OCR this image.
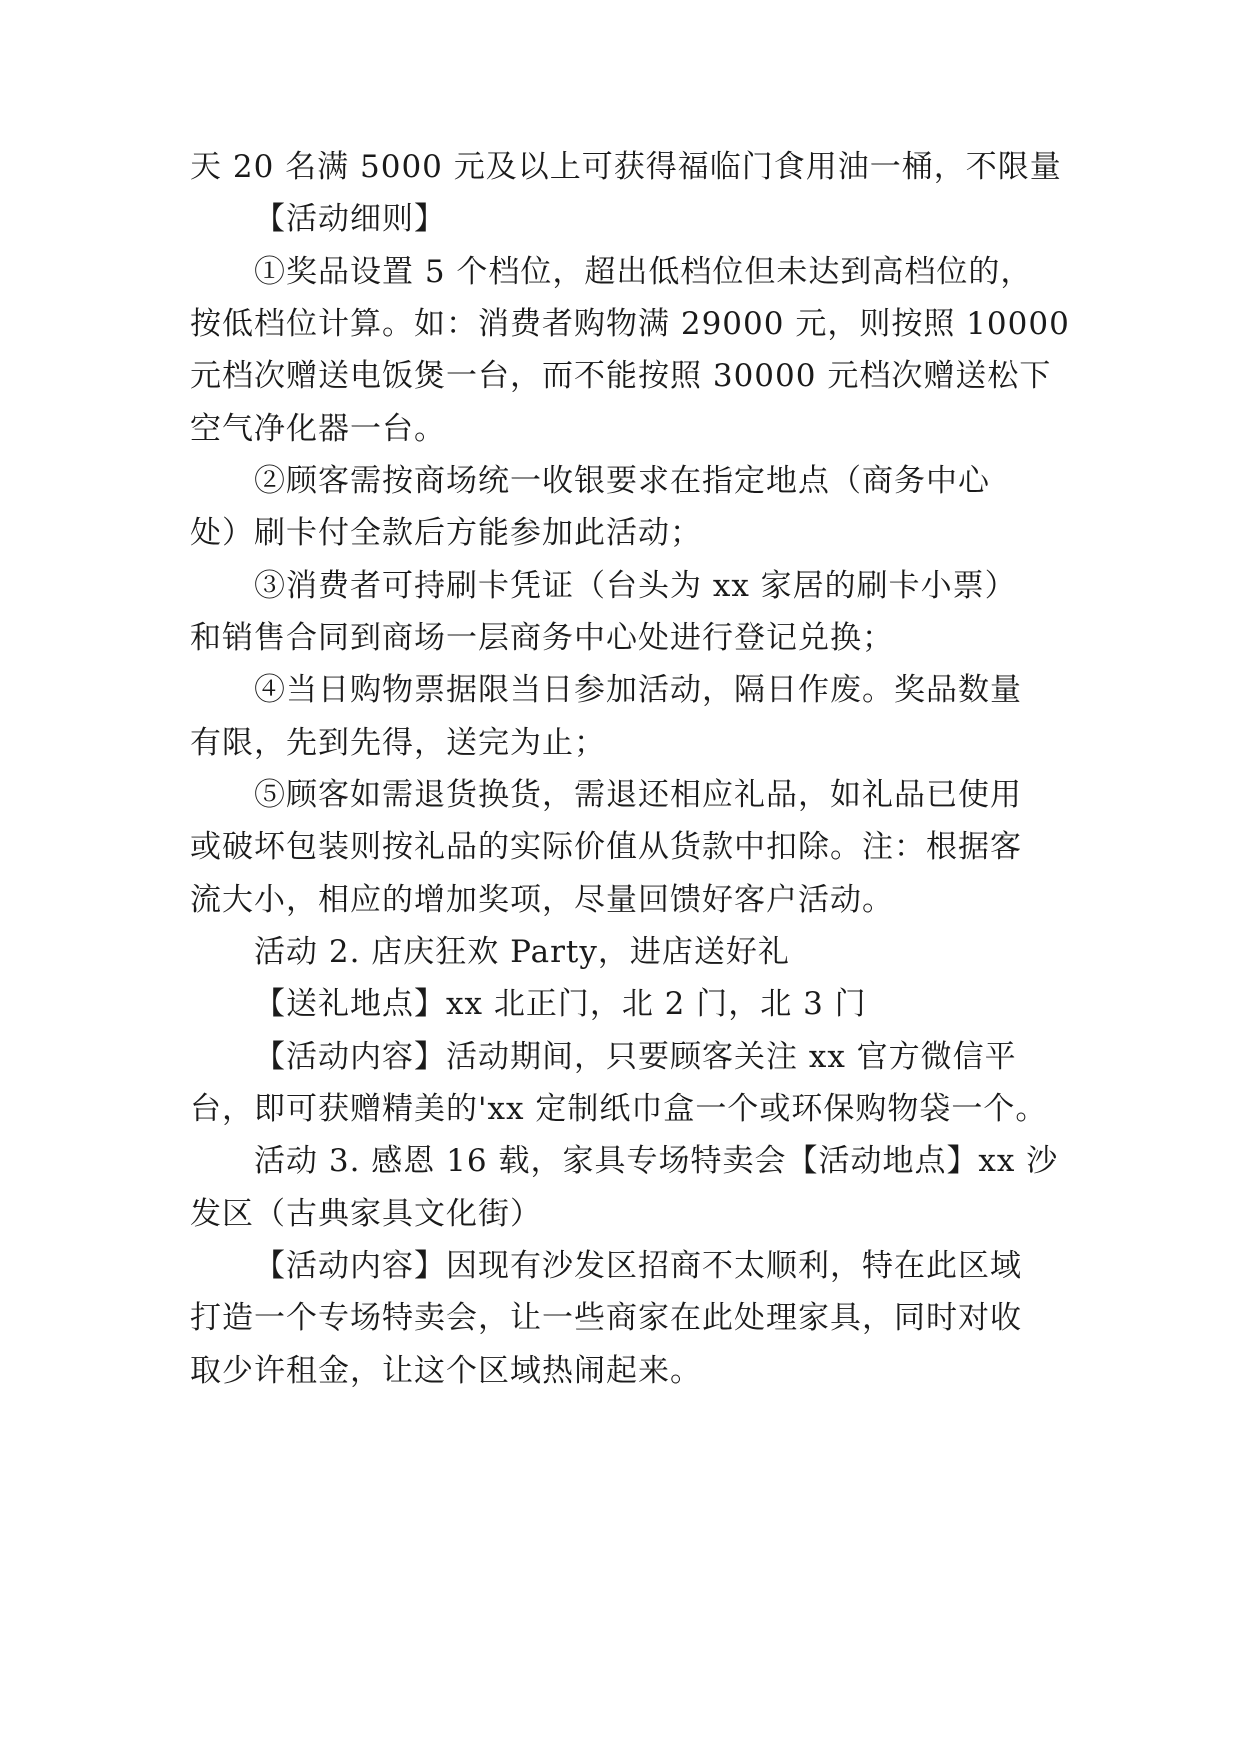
天 20 名满 5000 元及以上可获得福临门食用油一桶，不限量
【活动细则】
①奖品设置 5 个档位，超出低档位但未达到高档位的，
按低档位计算。如：消费者购物满 29000 元，则按照 10000
元档次赠送电饭煲一台，而不能按照 30000 元档次赠送松下
空气净化器一台。
②顾客需按商场统一收银要求在指定地点（商务中心
处）刷卡付全款后方能参加此活动；
③消费者可持刷卡凭证（台头为 xx 家居的刷卡小票）
和销售合同到商场一层商务中心处进行登记兑换；
④当日购物票据限当日参加活动，隔日作废。奖品数量
有限，先到先得，送完为止；
⑤顾客如需退货换货，需退还相应礼品，如礼品已使用
或破坏包装则按礼品的实际价值从货款中扣除。注：根据客
流大小，相应的增加奖项，尽量回馈好客户活动。
活动 2. 店庆狂欢 Party，进店送好礼
【送礼地点】xx 北正门，北 2 门，北 3 门
【活动内容】活动期间，只要顾客关注 xx 官方微信平
台，即可获赠精美的'xx 定制纸巾盒一个或环保购物袋一个。
活动 3. 感恩 16 载，家具专场特卖会【活动地点】xx 沙
发区（古典家具文化街）
【活动内容】因现有沙发区招商不太顺利，特在此区域
打造一个专场特卖会，让一些商家在此处理家具，同时对收
取少许租金，让这个区域热闹起来。
